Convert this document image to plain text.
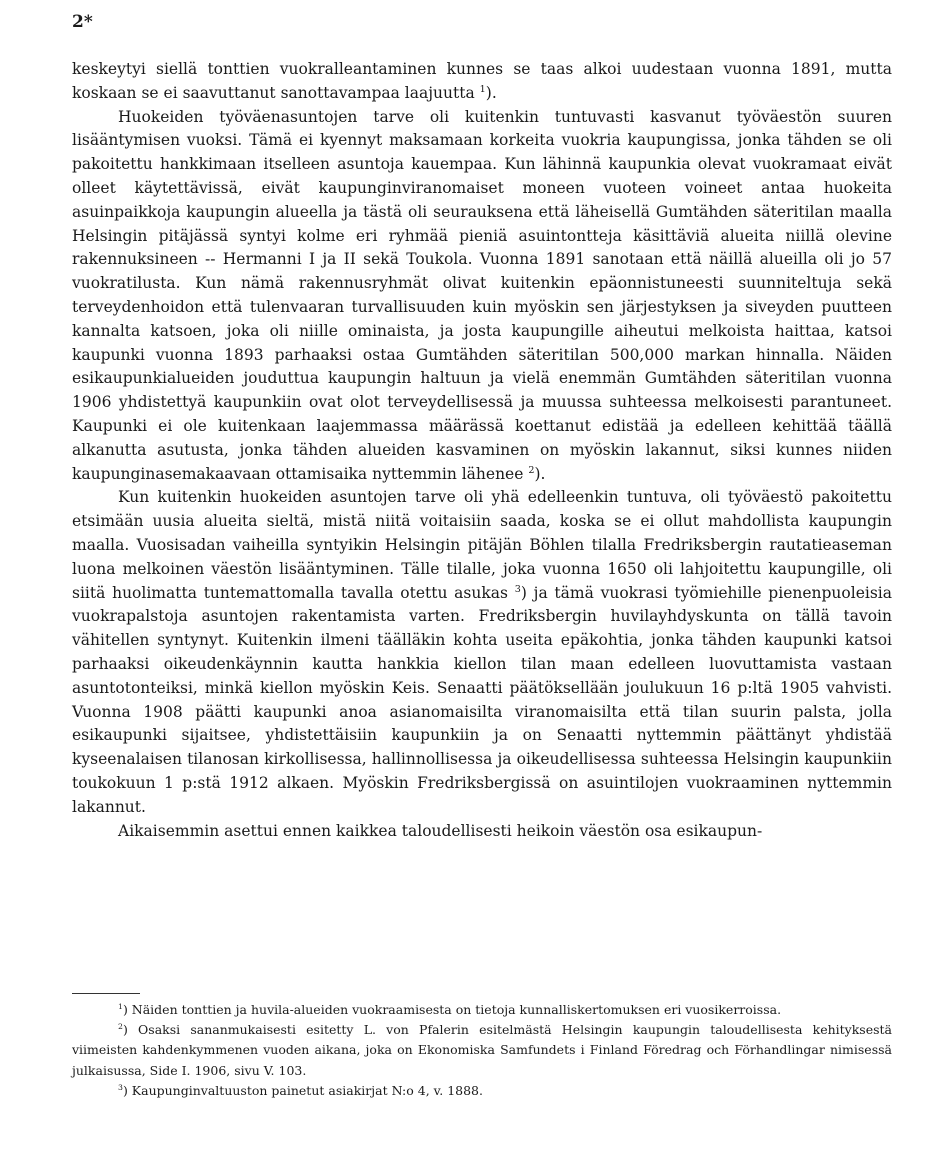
2*

keskeytyi siellä tonttien vuokralleantaminen kunnes se taas alkoi uudestaan vuonna 1891, mutta koskaan se ei saavuttanut sanottavampaa laajuutta $^1$).

Huokeiden työväenasuntojen tarve oli kuitenkin tuntuvasti kasvanut työväestön suuren lisääntymisen vuoksi. Tämä ei kyennyt maksamaan korkeita vuokria kaupungissa, jonka tähden se oli pakoitettu hankkimaan itselleen asuntoja kauempaa. Kun lähinnä kaupunkia olevat vuokramaat eivät olleet käytettävissä, eivät kaupunginviranomaiset moneen vuoteen voineet antaa huokeita asuinpaikkoja kaupungin alueella ja tästä oli seurauksena että läheisellä Gumtähden säteritilan maalla Helsingin pitäjässä syntyi kolme eri ryhmää pieniä asuintontteja käsittäviä alueita niillä olevine rakennuksineen -- Hermanni I ja II sekä Toukola. Vuonna 1891 sanotaan että näillä alueilla oli jo 57 vuokratilusta. Kun nämä rakennusryhmät olivat kuitenkin epäonnistuneesti suunniteltuja sekä terveydenhoidon että tulenvaaran turvallisuuden kuin myöskin sen järjestyksen ja siveyden puutteen kannalta katsoen, joka oli niille ominaista, ja josta kaupungille aiheutui melkoista haittaa, katsoi kaupunki vuonna 1893 parhaaksi ostaa Gumtähden säteritilan 500,000 markan hinnalla. Näiden esikaupunkialueiden jouduttua kaupungin haltuun ja vielä enemmän Gumtähden säteritilan vuonna 1906 yhdistettyä kaupunkiin ovat olot terveydellisessä ja muussa suhteessa melkoisesti parantuneet. Kaupunki ei ole kuitenkaan laajemmassa määrässä koettanut edistää ja edelleen kehittää täällä alkanutta asutusta, jonka tähden alueiden kasvaminen on myöskin lakannut, siksi kunnes niiden kaupunginasemakaavaan ottamisaika nyttemmin lähenee $^2$).

Kun kuitenkin huokeiden asuntojen tarve oli yhä edelleenkin tuntuva, oli työväestö pakoitettu etsimään uusia alueita sieltä, mistä niitä voitaisiin saada, koska se ei ollut mahdollista kaupungin maalla. Vuosisadan vaiheilla syntyikin Helsingin pitäjän Böhlen tilalla Fredriksbergin rautatieaseman luona melkoinen väestön lisääntyminen. Tälle tilalle, joka vuonna 1650 oli lahjoitettu kaupungille, oli siitä huolimatta tuntemattomalla tavalla otettu asukas $^3$) ja tämä vuokrasi työmiehille pienenpuoleisia vuokrapalstoja asuntojen rakentamista varten. Fredriksbergin huvilayhdyskunta on tällä tavoin vähitellen syntynyt. Kuitenkin ilmeni täälläkin kohta useita epäkohtia, jonka tähden kaupunki katsoi parhaaksi oikeudenkäynnin kautta hankkia kiellon tilan maan edelleen luovuttamista vastaan asuntotonteiksi, minkä kiellon myöskin Keis. Senaatti päätöksellään joulukuun 16 p:ltä 1905 vahvisti. Vuonna 1908 päätti kaupunki anoa asianomaisilta viranomaisilta että tilan suurin palsta, jolla esikaupunki sijaitsee, yhdistettäisiin kaupunkiin ja on Senaatti nyttemmin päättänyt yhdistää kyseenalaisen tilanosan kirkollisessa, hallinnollisessa ja oikeudellisessa suhteessa Helsingin kaupunkiin toukokuun 1 p:stä 1912 alkaen. Myöskin Fredriksbergissä on asuintilojen vuokraaminen nyttemmin lakannut.

Aikaisemmin asettui ennen kaikkea taloudellisesti heikoin väestön osa esikaupun-

$^1$) Näiden tonttien ja huvila-alueiden vuokraamisesta on tietoja kunnalliskertomuksen eri vuosikerroissa.

$^2$) Osaksi sananmukaisesti esitetty L. von Pfalerin esitelmästä Helsingin kaupungin taloudellisesta kehityksestä viimeisten kahdenkymmenen vuoden aikana, joka on Ekonomiska Samfundets i Finland Föredrag och Förhandlingar nimisessä julkaisussa, Side I. 1906, sivu V. 103.

$^3$) Kaupunginvaltuuston painetut asiakirjat N:o 4, v. 1888.
